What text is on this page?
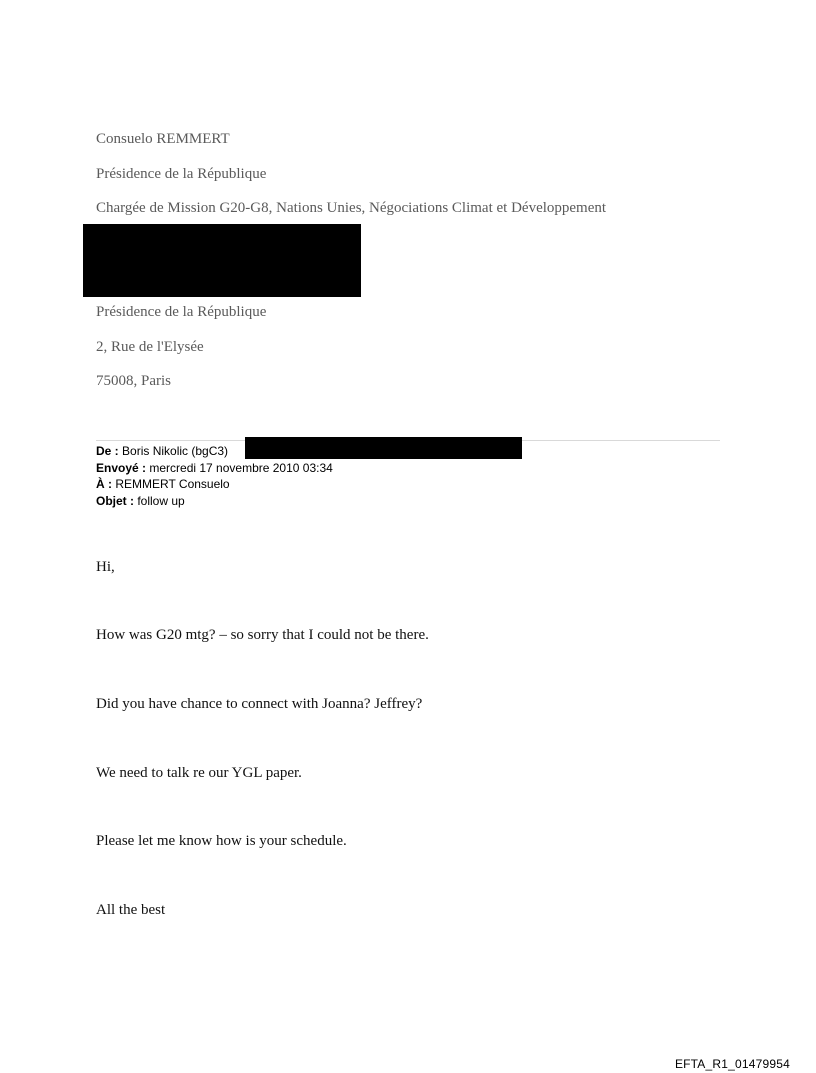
Consuelo REMMERT
Présidence de la République
Chargée de Mission G20-G8, Nations Unies, Négociations Climat et Développement
Présidence de la République
2, Rue de l'Elysée
75008, Paris
De : Boris Nikolic (bgC3)
Envoyé : mercredi 17 novembre 2010 03:34
À : REMMERT Consuelo
Objet : follow up
Hi,
How was G20 mtg? – so sorry that I could not be there.
Did you have chance to connect with Joanna? Jeffrey?
We need to talk re our YGL paper.
Please let me know how is your schedule.
All the best
EFTA_R1_01479954
